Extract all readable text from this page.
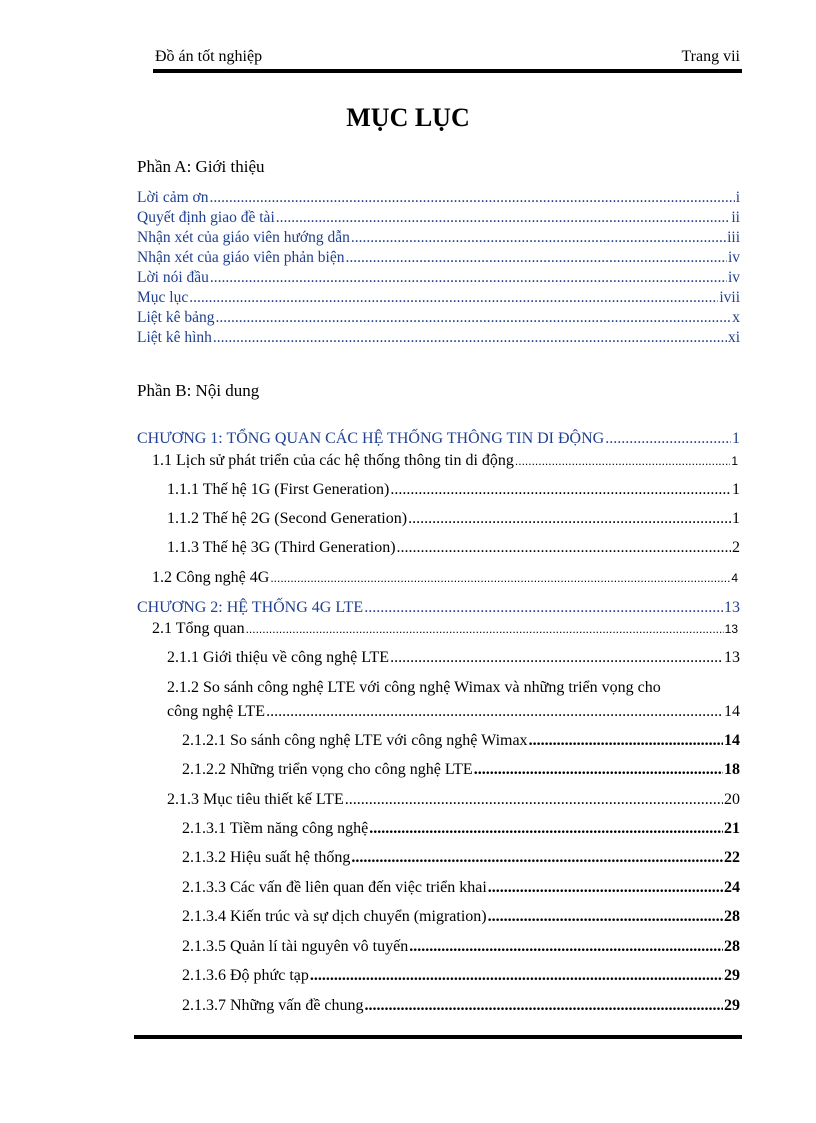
Đồ án tốt nghiệp	Trang vii
MỤC LỤC
Phần A: Giới thiệu
Lời cảm ơn .....	i
Quyết định giao đề tài .....	ii
Nhận xét của giáo viên hướng dẫn .....	iii
Nhận xét của giáo viên phản biện .....	iv
Lời nói đầu .....	iv
Mục lục .....	ivii
Liệt kê bảng .....	x
Liệt kê hình .....	xi
Phần B: Nội dung
CHƯƠNG 1: TỔNG QUAN CÁC HỆ THỐNG THÔNG TIN DI ĐỘNG .....	1
1.1 Lịch sử phát triển của các hệ thống thông tin di động .....	1
1.1.1 Thế hệ 1G (First Generation) .....	1
1.1.2 Thế hệ 2G (Second Generation) .....	1
1.1.3 Thế hệ 3G (Third Generation) .....	2
1.2 Công nghệ 4G .....	4
CHƯƠNG 2: HỆ THỐNG 4G LTE .....	13
2.1 Tổng quan .....	13
2.1.1 Giới thiệu về công nghệ LTE .....	13
2.1.2 So sánh công nghệ LTE với công nghệ Wimax và những triển vọng cho
công nghệ LTE .....	14
2.1.2.1 So sánh công nghệ LTE với công nghệ Wimax .....	14
2.1.2.2 Những triển vọng cho công nghệ LTE .....	18
2.1.3 Mục tiêu thiết kế LTE .....	20
2.1.3.1 Tiềm năng công nghệ .....	21
2.1.3.2 Hiệu suất hệ thống .....	22
2.1.3.3 Các vấn đề liên quan đến việc triển khai .....	24
2.1.3.4 Kiến trúc và sự dịch chuyển (migration) .....	28
2.1.3.5 Quản lí tài nguyên vô tuyến .....	28
2.1.3.6 Độ phức tạp .....	29
2.1.3.7 Những vấn đề chung .....	29
